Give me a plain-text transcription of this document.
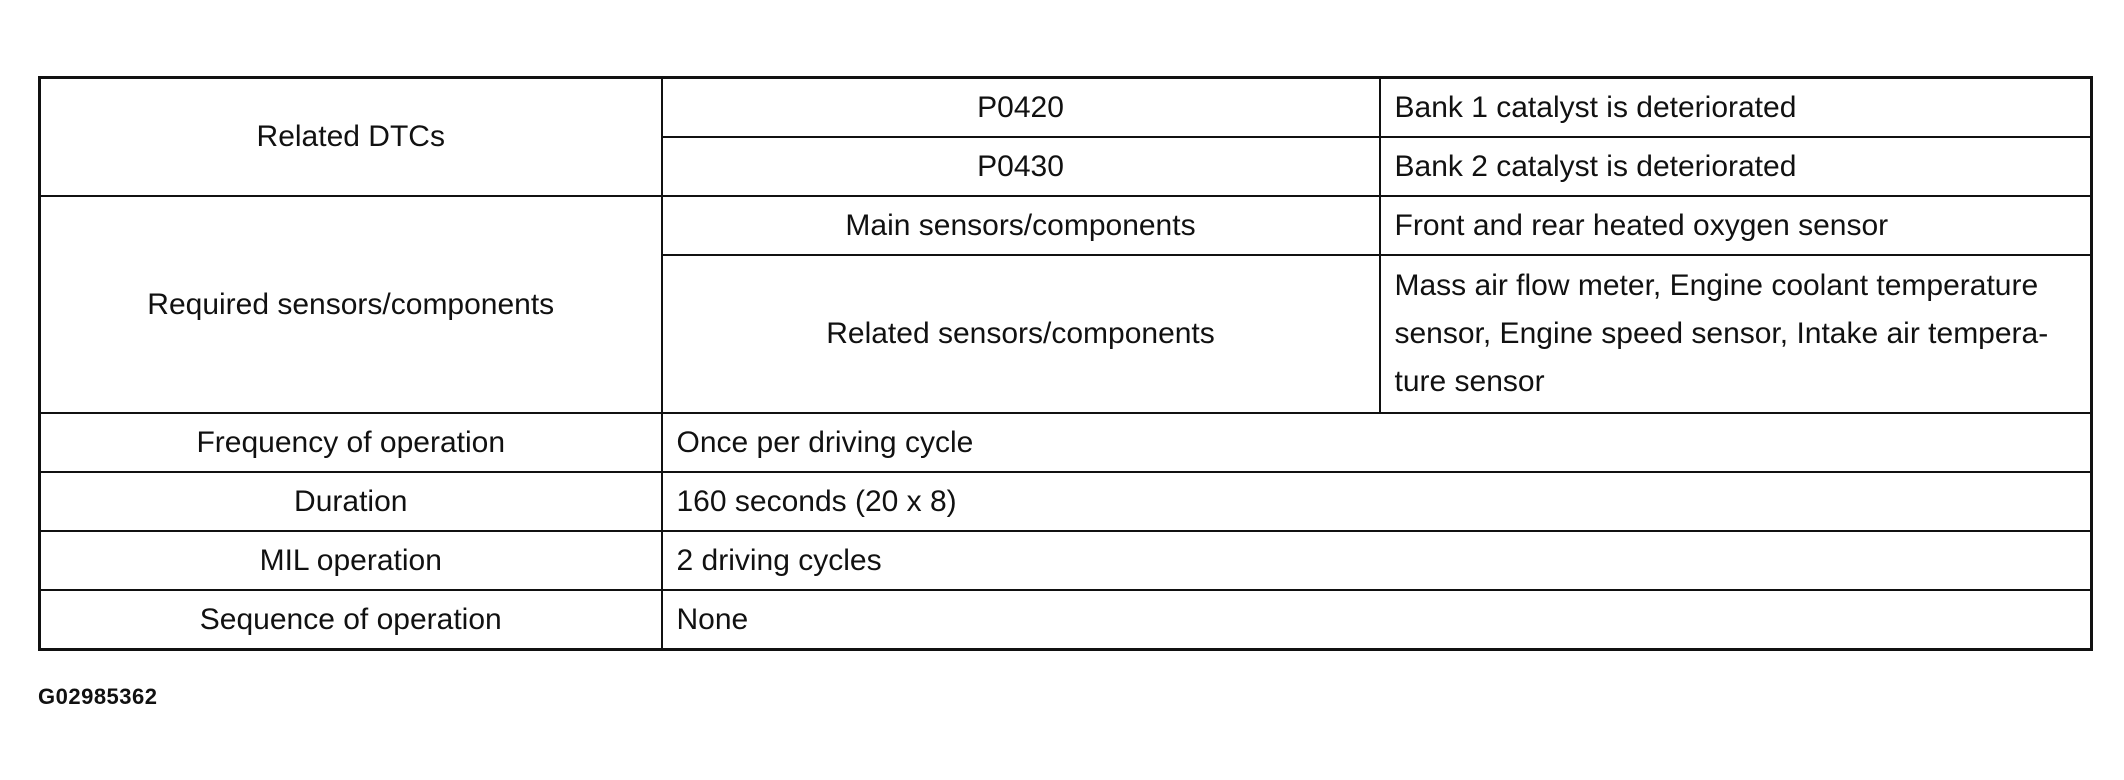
Related DTCs	P0420	Bank 1 catalyst is deteriorated
	P0430	Bank 2 catalyst is deteriorated
Required sensors/components	Main sensors/components	Front and rear heated oxygen sensor
	Related sensors/components	Mass air flow meter, Engine coolant temperature
sensor, Engine speed sensor, Intake air tempera-
ture sensor

Frequency of operation	Once per driving cycle	
Duration	160 seconds (20 x 8)	
MIL operation	2 driving cycles	
Sequence of operation	None	
G02985362
